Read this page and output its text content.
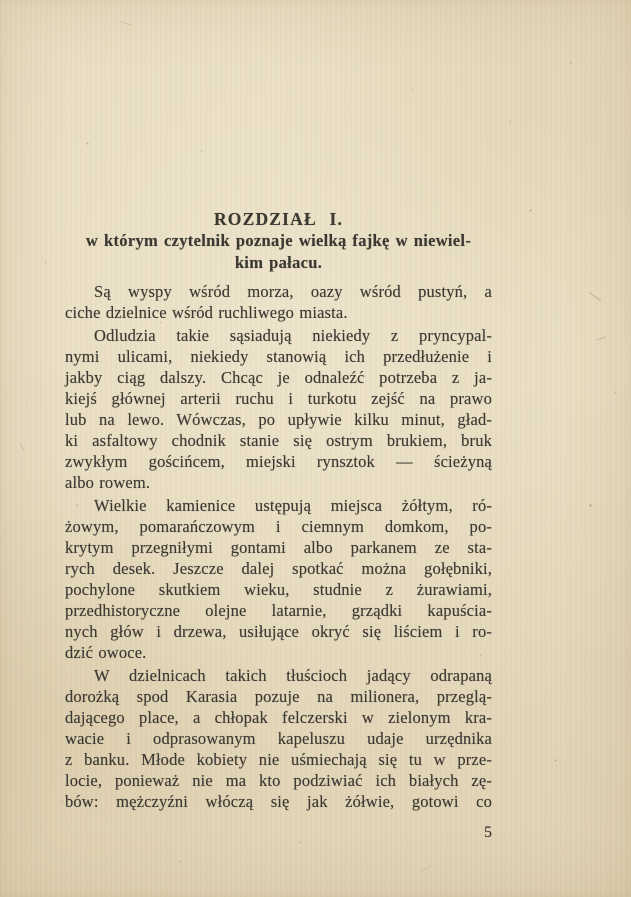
ROZDZIAŁ I.
w którym czytelnik poznaje wielką fajkę w niewiel-
kim pałacu.
Są wyspy wśród morza, oazy wśród pustyń, a
ciche dzielnice wśród ruchliwego miasta.
Odludzia takie sąsiadują niekiedy z pryncypal-
nymi ulicami, niekiedy stanowią ich przedłużenie i
jakby ciąg dalszy. Chcąc je odnaleźć potrzeba z ja-
kiejś głównej arterii ruchu i turkotu zejść na prawo
lub na lewo. Wówczas, po upływie kilku minut, gład-
ki asfaltowy chodnik stanie się ostrym brukiem, bruk
zwykłym gościńcem, miejski rynsztok — ścieżyną
albo rowem.
Wielkie kamienice ustępują miejsca żółtym, ró-
żowym, pomarańczowym i ciemnym domkom, po-
krytym przegniłymi gontami albo parkanem ze sta-
rych desek. Jeszcze dalej spotkać można gołębniki,
pochylone skutkiem wieku, studnie z żurawiami,
przedhistoryczne olejne latarnie, grządki kapuścia-
nych głów i drzewa, usiłujące okryć się liściem i ro-
dzić owoce.
W dzielnicach takich tłuścioch jadący odrapaną
dorożką spod Karasia pozuje na milionera, przeglą-
dającego place, a chłopak felczerski w zielonym kra-
wacie i odprasowanym kapeluszu udaje urzędnika
z banku. Młode kobiety nie uśmiechają się tu w prze-
locie, ponieważ nie ma kto podziwiać ich białych zę-
bów: mężczyźni włóczą się jak żółwie, gotowi co
5
